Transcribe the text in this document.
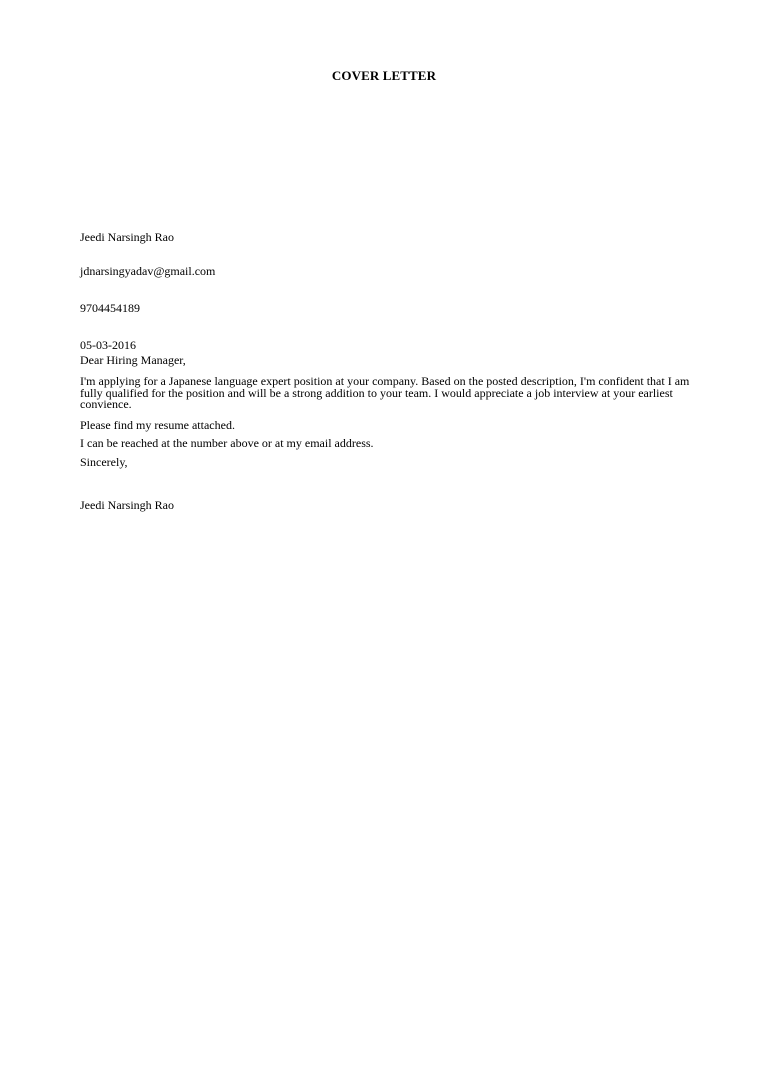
COVER LETTER
Jeedi Narsingh Rao
jdnarsingyadav@gmail.com
9704454189
05-03-2016
Dear Hiring Manager,
I'm applying for a Japanese language expert position at your company. Based on the posted description, I'm confident that I am fully qualified for the position and will be a strong addition to your team. I would appreciate a job interview at your earliest convience.
Please find my resume attached.
I can be reached at the number above or at my email address.
Sincerely,
Jeedi Narsingh Rao
